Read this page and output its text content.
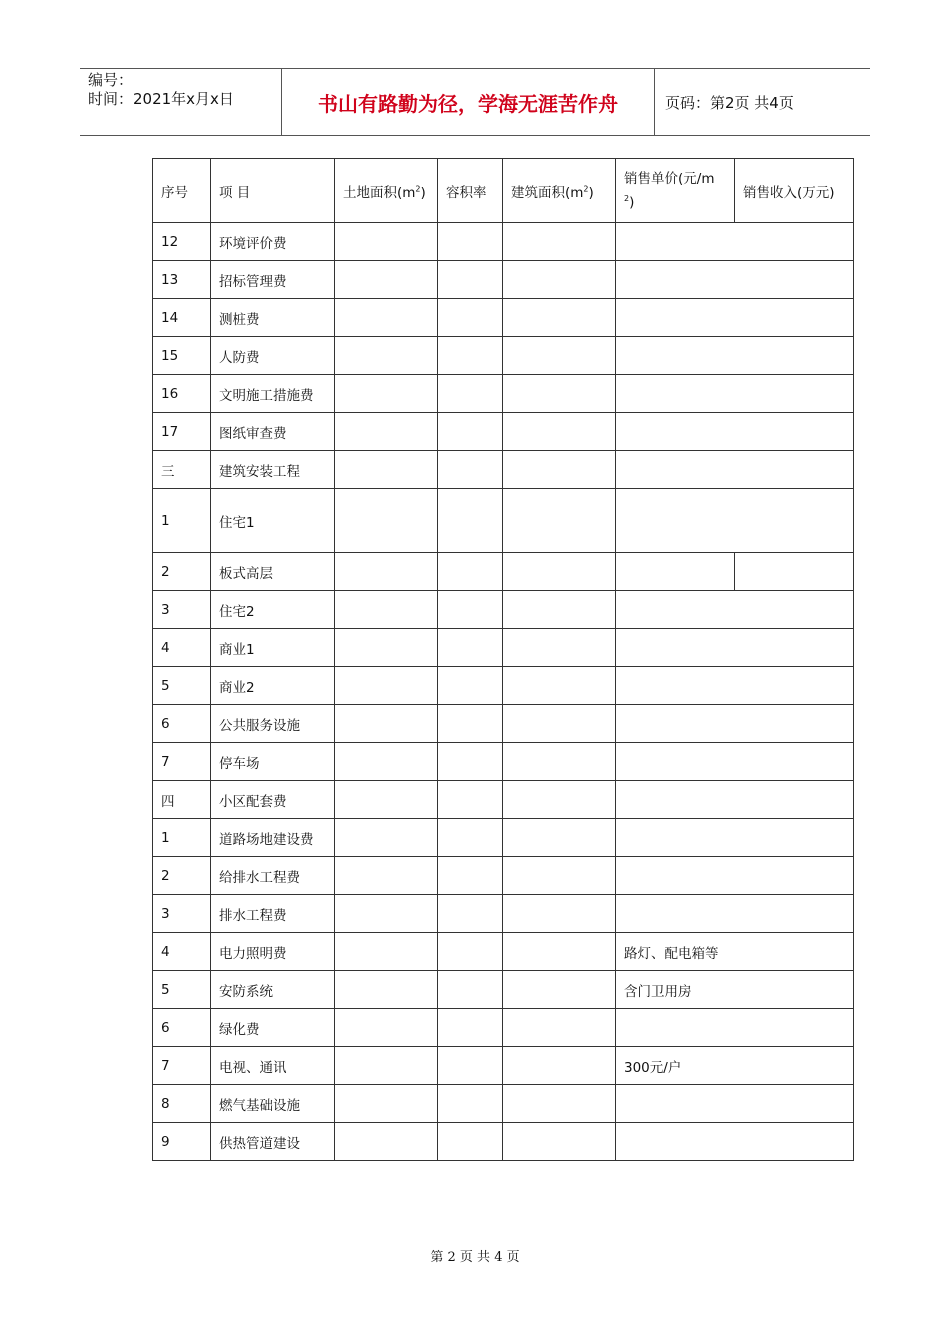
编号：
时间：2021年x月x日	书山有路勤为径，学海无涯苦作舟	页码：第2页 共4页
序号	项 目	土地面积$(m^2)$	容积率	建筑面积$(m^2)$	销售单价(元/m
$^2$)	销售收入(万元)
12	环境评价费					
13	招标管理费					
14	测桩费					
15	人防费					
16	文明施工措施费					
17	图纸审查费					
三	建筑安装工程					
1	住宅1					
2	板式高层					
3	住宅2					
4	商业1					
5	商业2					
6	公共服务设施					
7	停车场					
四	小区配套费					
1	道路场地建设费					
2	给排水工程费					
3	排水工程费					
4	电力照明费				路灯、配电箱等	
5	安防系统				含门卫用房	
6	绿化费					
7	电视、通讯				300元/户	
8	燃气基础设施					
9	供热管道建设					
第 2 页 共 4 页
